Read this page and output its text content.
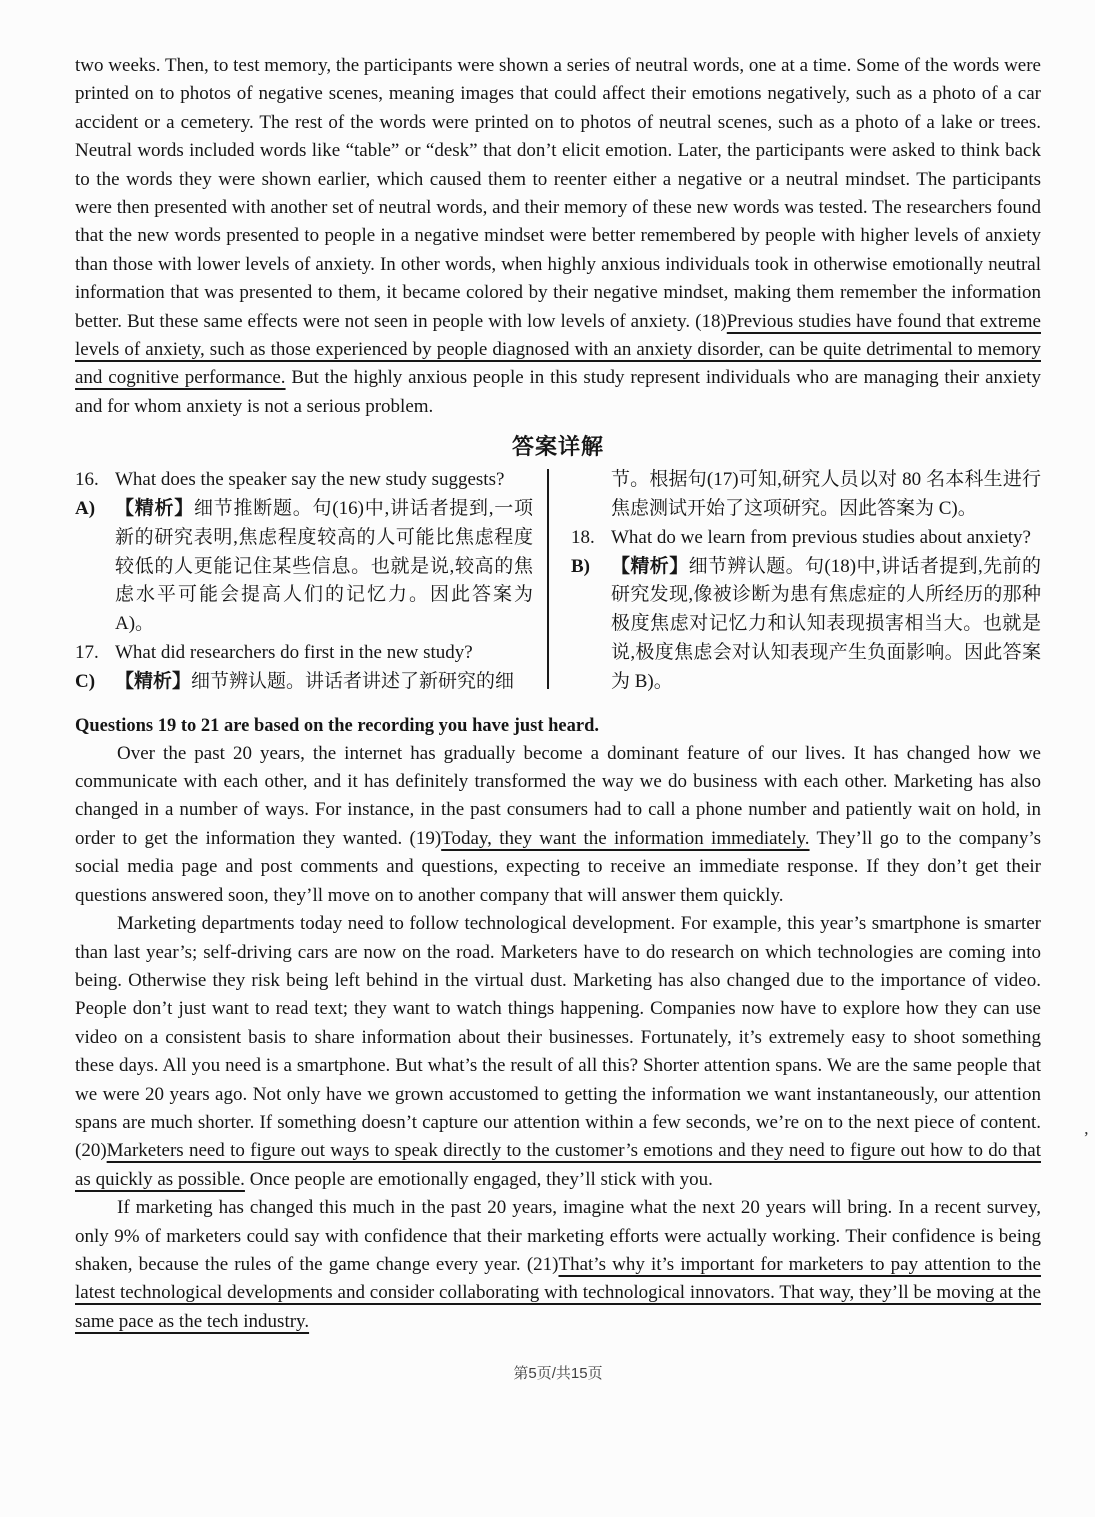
two weeks. Then, to test memory, the participants were shown a series of neutral words, one at a time. Some of the words were printed on to photos of negative scenes, meaning images that could affect their emotions negatively, such as a photo of a car accident or a cemetery. The rest of the words were printed on to photos of neutral scenes, such as a photo of a lake or trees. Neutral words included words like “table” or “desk” that don’t elicit emotion. Later, the participants were asked to think back to the words they were shown earlier, which caused them to reenter either a negative or a neutral mindset. The participants were then presented with another set of neutral words, and their memory of these new words was tested. The researchers found that the new words presented to people in a negative mindset were better remembered by people with higher levels of anxiety than those with lower levels of anxiety. In other words, when highly anxious individuals took in otherwise emotionally neutral information that was presented to them, it became colored by their negative mindset, making them remember the information better. But these same effects were not seen in people with low levels of anxiety. (18)Previous studies have found that extreme levels of anxiety, such as those experienced by people diagnosed with an anxiety disorder, can be quite detrimental to memory and cognitive performance. But the highly anxious people in this study represent individuals who are managing their anxiety and for whom anxiety is not a serious problem.

答案详解
16. What does the speaker say the new study suggests?
A) 【精析】细节推断题。句(16)中,讲话者提到,一项新的研究表明,焦虑程度较高的人可能比焦虑程度较低的人更能记住某些信息。也就是说,较高的焦虑水平可能会提高人们的记忆力。因此答案为 A)。
17. What did researchers do first in the new study?
C) 【精析】细节辨认题。讲话者讲述了新研究的细
节。根据句(17)可知,研究人员以对 80 名本科生进行焦虑测试开始了这项研究。因此答案为 C)。
18. What do we learn from previous studies about anxiety?
B) 【精析】细节辨认题。句(18)中,讲话者提到,先前的研究发现,像被诊断为患有焦虑症的人所经历的那种极度焦虑对记忆力和认知表现损害相当大。也就是说,极度焦虑会对认知表现产生负面影响。因此答案为 B)。

Questions 19 to 21 are based on the recording you have just heard.

Over the past 20 years, the internet has gradually become a dominant feature of our lives. It has changed how we communicate with each other, and it has definitely transformed the way we do business with each other. Marketing has also changed in a number of ways. For instance, in the past consumers had to call a phone number and patiently wait on hold, in order to get the information they wanted. (19)Today, they want the information immediately. They’ll go to the company’s social media page and post comments and questions, expecting to receive an immediate response. If they don’t get their questions answered soon, they’ll move on to another company that will answer them quickly.

Marketing departments today need to follow technological development. For example, this year’s smartphone is smarter than last year’s; self-driving cars are now on the road. Marketers have to do research on which technologies are coming into being. Otherwise they risk being left behind in the virtual dust. Marketing has also changed due to the importance of video. People don’t just want to read text; they want to watch things happening. Companies now have to explore how they can use video on a consistent basis to share information about their businesses. Fortunately, it’s extremely easy to shoot something these days. All you need is a smartphone. But what’s the result of all this? Shorter attention spans. We are the same people that we were 20 years ago. Not only have we grown accustomed to getting the information we want instantaneously, our attention spans are much shorter. If something doesn’t capture our attention within a few seconds, we’re on to the next piece of content. (20)Marketers need to figure out ways to speak directly to the customer’s emotions and they need to figure out how to do that as quickly as possible. Once people are emotionally engaged, they’ll stick with you.

If marketing has changed this much in the past 20 years, imagine what the next 20 years will bring. In a recent survey, only 9% of marketers could say with confidence that their marketing efforts were actually working. Their confidence is being shaken, because the rules of the game change every year. (21)That’s why it’s important for marketers to pay attention to the latest technological developments and consider collaborating with technological innovators. That way, they’ll be moving at the same pace as the tech industry.

第5页/共15页
’
